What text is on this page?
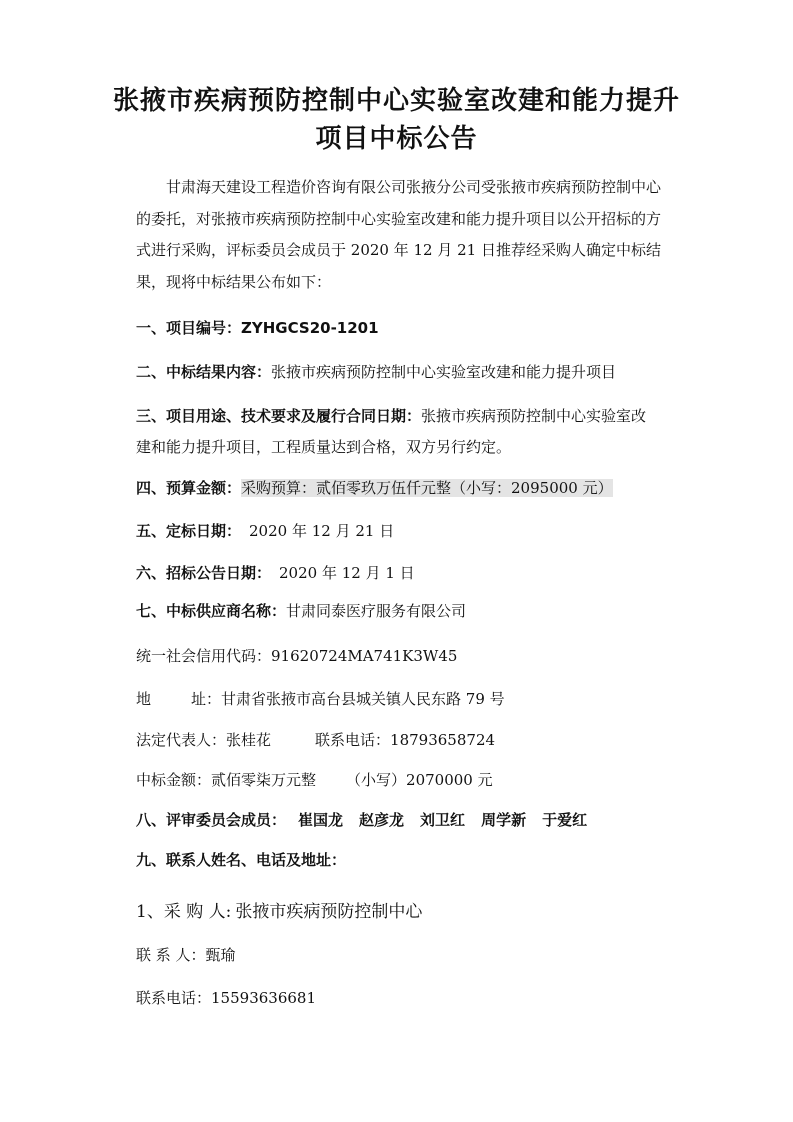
张掖市疾病预防控制中心实验室改建和能力提升
项目中标公告
甘肃海天建设工程造价咨询有限公司张掖分公司受张掖市疾病预防控制中心的委托，对张掖市疾病预防控制中心实验室改建和能力提升项目以公开招标的方式进行采购，评标委员会成员于 2020 年 12 月 21 日推荐经采购人确定中标结果，现将中标结果公布如下：
一、项目编号：ZYHGCS20-1201
二、中标结果内容：张掖市疾病预防控制中心实验室改建和能力提升项目
三、项目用途、技术要求及履行合同日期：张掖市疾病预防控制中心实验室改建和能力提升项目，工程质量达到合格，双方另行约定。
四、预算金额：采购预算：贰佰零玖万伍仟元整（小写：2095000 元）
五、定标日期： 2020 年 12 月 21 日
六、招标公告日期： 2020 年 12 月 1 日
七、中标供应商名称：甘肃同泰医疗服务有限公司
统一社会信用代码：91620724MA741K3W45
地	址：甘肃省张掖市高台县城关镇人民东路 79 号
法定代表人：张桂花	联系电话：18793658724
中标金额：贰佰零柒万元整 （小写）2070000 元
八、评审委员会成员： 崔国龙 赵彦龙 刘卫红 周学新 于爱红
九、联系人姓名、电话及地址：
1、采 购 人: 张掖市疾病预防控制中心
联 系 人：甄瑜
联系电话：15593636681
